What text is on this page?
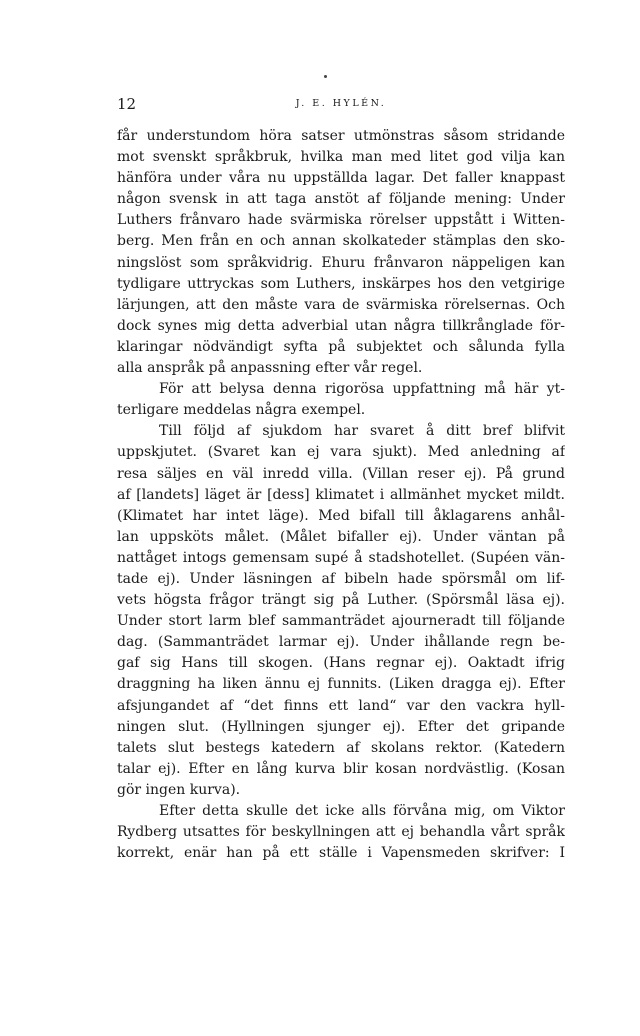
12	J. E. HYLÉN.
får understundom höra satser utmönstras såsom stridande
mot svenskt språkbruk, hvilka man med litet god vilja kan
hänföra under våra nu uppställda lagar. Det faller knappast
någon svensk in att taga anstöt af följande mening: Under
Luthers frånvaro hade svärmiska rörelser uppstått i Witten-
berg. Men från en och annan skolkateder stämplas den sko-
ningslöst som språkvidrig. Ehuru frånvaron näppeligen kan
tydligare uttryckas som Luthers, inskärpes hos den vetgirige
lärjungen, att den måste vara de svärmiska rörelsernas. Och
dock synes mig detta adverbial utan några tillkrånglade för-
klaringar nödvändigt syfta på subjektet och sålunda fylla
alla anspråk på anpassning efter vår regel.
För att belysa denna rigorösa uppfattning må här yt-
terligare meddelas några exempel.
Till följd af sjukdom har svaret å ditt bref blifvit
uppskjutet. (Svaret kan ej vara sjukt). Med anledning af
resa säljes en väl inredd villa. (Villan reser ej). På grund
af [landets] läget är [dess] klimatet i allmänhet mycket mildt.
(Klimatet har intet läge). Med bifall till åklagarens anhål-
lan uppsköts målet. (Målet bifaller ej). Under väntan på
nattåget intogs gemensam supé å stadshotellet. (Supéen vän-
tade ej). Under läsningen af bibeln hade spörsmål om lif-
vets högsta frågor trängt sig på Luther. (Spörsmål läsa ej).
Under stort larm blef sammanträdet ajourneradt till följande
dag. (Sammanträdet larmar ej). Under ihållande regn be-
gaf sig Hans till skogen. (Hans regnar ej). Oaktadt ifrig
draggning ha liken ännu ej funnits. (Liken dragga ej). Efter
afsjungandet af “det finns ett land“ var den vackra hyll-
ningen slut. (Hyllningen sjunger ej). Efter det gripande
talets slut bestegs katedern af skolans rektor. (Katedern
talar ej). Efter en lång kurva blir kosan nordvästlig. (Kosan
gör ingen kurva).
Efter detta skulle det icke alls förvåna mig, om Viktor
Rydberg utsattes för beskyllningen att ej behandla vårt språk
korrekt, enär han på ett ställe i Vapensmeden skrifver: I
